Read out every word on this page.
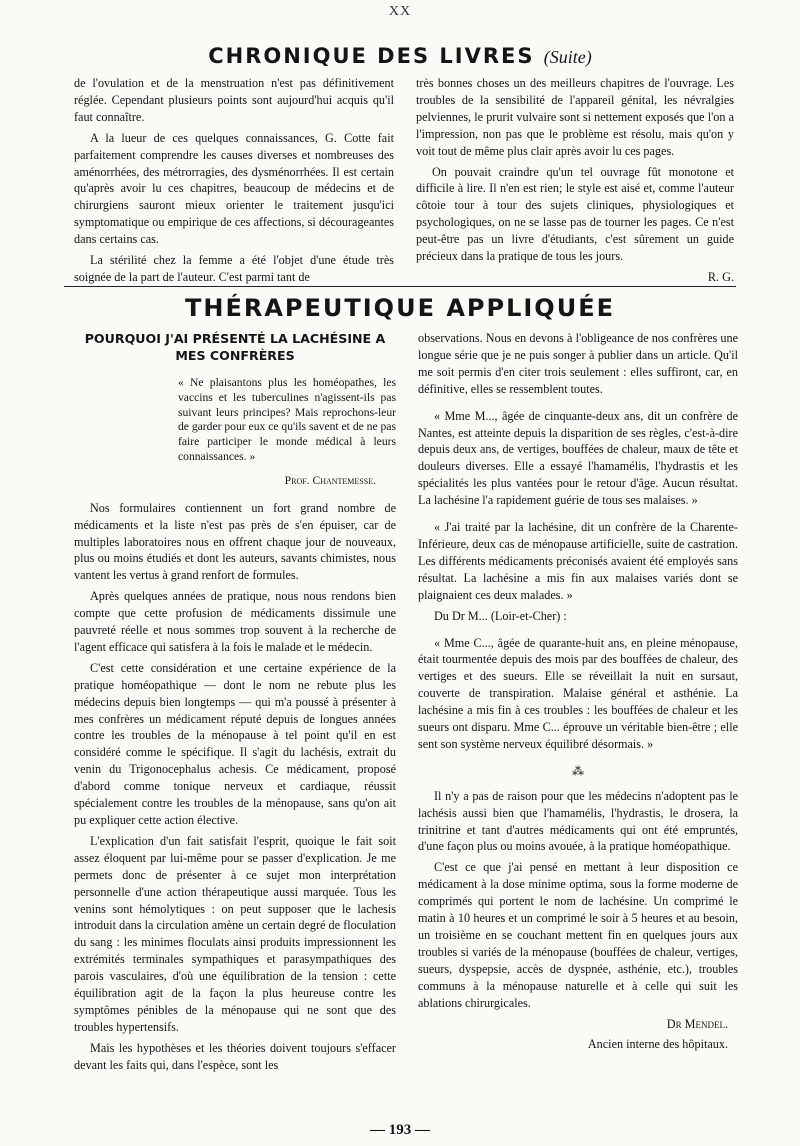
XX
CHRONIQUE DES LIVRES (Suite)

de l'ovulation et de la menstruation n'est pas définitivement réglée. Cependant plusieurs points sont aujourd'hui acquis qu'il faut connaître.

A la lueur de ces quelques connaissances, G. Cotte fait parfaitement comprendre les causes diverses et nombreuses des aménorrhées, des métrorragies, des dysménorrhées. Il est certain qu'après avoir lu ces chapitres, beaucoup de médecins et de chirurgiens sauront mieux orienter le traitement jusqu'ici symptomatique ou empirique de ces affections, si décourageantes dans certains cas.

La stérilité chez la femme a été l'objet d'une étude très soignée de la part de l'auteur. C'est parmi tant de

très bonnes choses un des meilleurs chapitres de l'ouvrage. Les troubles de la sensibilité de l'appareil génital, les névralgies pelviennes, le prurit vulvaire sont si nettement exposés que l'on a l'impression, non pas que le problème est résolu, mais qu'on y voit tout de même plus clair après avoir lu ces pages.

On pouvait craindre qu'un tel ouvrage fût monotone et difficile à lire. Il n'en est rien; le style est aisé et, comme l'auteur côtoie tour à tour des sujets cliniques, physiologiques et psychologiques, on ne se lasse pas de tourner les pages. Ce n'est peut-être pas un livre d'étudiants, c'est sûrement un guide précieux dans la pratique de tous les jours.

R. G.

THÉRAPEUTIQUE APPLIQUÉE
POURQUOI J'AI PRÉSENTÉ LA LACHÉSINE A MES CONFRÈRES
« Ne plaisantons plus les homéopathes, les vaccins et les tuberculines n'agissent-ils pas suivant leurs principes? Mais reprochons-leur de garder pour eux ce qu'ils savent et de ne pas faire participer le monde médical à leurs connaissances. »
Prof. Chantemesse.

Nos formulaires contiennent un fort grand nombre de médicaments et la liste n'est pas près de s'en épuiser, car de multiples laboratoires nous en offrent chaque jour de nouveaux, plus ou moins étudiés et dont les auteurs, savants chimistes, nous vantent les vertus à grand renfort de formules.

Après quelques années de pratique, nous nous rendons bien compte que cette profusion de médicaments dissimule une pauvreté réelle et nous sommes trop souvent à la recherche de l'agent efficace qui satisfera à la fois le malade et le médecin.

C'est cette considération et une certaine expérience de la pratique homéopathique — dont le nom ne rebute plus les médecins depuis bien longtemps — qui m'a poussé à présenter à mes confrères un médicament réputé depuis de longues années contre les troubles de la ménopause à tel point qu'il en est considéré comme le spécifique. Il s'agit du lachésis, extrait du venin du Trigonocephalus achesis. Ce médicament, proposé d'abord comme tonique nerveux et cardiaque, réussit spécialement contre les troubles de la ménopause, sans qu'on ait pu expliquer cette action élective.

L'explication d'un fait satisfait l'esprit, quoique le fait soit assez éloquent par lui-même pour se passer d'explication. Je me permets donc de présenter à ce sujet mon interprétation personnelle d'une action thérapeutique aussi marquée. Tous les venins sont hémolytiques : on peut supposer que le lachesis introduit dans la circulation amène un certain degré de floculation du sang : les minimes floculats ainsi produits impressionnent les extrémités terminales sympathiques et parasympathiques des parois vasculaires, d'où une équilibration de la tension : cette équilibration agit de la façon la plus heureuse contre les symptômes pénibles de la ménopause qui ne sont que des troubles hypertensifs.

Mais les hypothèses et les théories doivent toujours s'effacer devant les faits qui, dans l'espèce, sont les

observations. Nous en devons à l'obligeance de nos confrères une longue série que je ne puis songer à publier dans un article. Qu'il me soit permis d'en citer trois seulement : elles suffiront, car, en définitive, elles se ressemblent toutes.

« Mme M..., âgée de cinquante-deux ans, dit un confrère de Nantes, est atteinte depuis la disparition de ses règles, c'est-à-dire depuis deux ans, de vertiges, bouffées de chaleur, maux de tête et douleurs diverses. Elle a essayé l'hamamélis, l'hydrastis et les spécialités les plus vantées pour le retour d'âge. Aucun résultat. La lachésine l'a rapidement guérie de tous ses malaises. »

« J'ai traité par la lachésine, dit un confrère de la Charente-Inférieure, deux cas de ménopause artificielle, suite de castration. Les différents médicaments préconisés avaient été employés sans résultat. La lachésine a mis fin aux malaises variés dont se plaignaient ces deux malades. »

Du Dr M... (Loir-et-Cher) :

« Mme C..., âgée de quarante-huit ans, en pleine ménopause, était tourmentée depuis des mois par des bouffées de chaleur, des vertiges et des sueurs. Elle se réveillait la nuit en sursaut, couverte de transpiration. Malaise général et asthénie. La lachésine a mis fin à ces troubles : les bouffées de chaleur et les sueurs ont disparu. Mme C... éprouve un véritable bien-être ; elle sent son système nerveux équilibré désormais. »

⁂

Il n'y a pas de raison pour que les médecins n'adoptent pas le lachésis aussi bien que l'hamamélis, l'hydrastis, le drosera, la trinitrine et tant d'autres médicaments qui ont été empruntés, d'une façon plus ou moins avouée, à la pratique homéopathique.

C'est ce que j'ai pensé en mettant à leur disposition ce médicament à la dose minime optima, sous la forme moderne de comprimés qui portent le nom de lachésine. Un comprimé le matin à 10 heures et un comprimé le soir à 5 heures et au besoin, un troisième en se couchant mettent fin en quelques jours aux troubles si variés de la ménopause (bouffées de chaleur, vertiges, sueurs, dyspepsie, accès de dyspnée, asthénie, etc.), troubles communs à la ménopause naturelle et à celle qui suit les ablations chirurgicales.

Dr Mendel.
Ancien interne des hôpitaux.
— 193 —
